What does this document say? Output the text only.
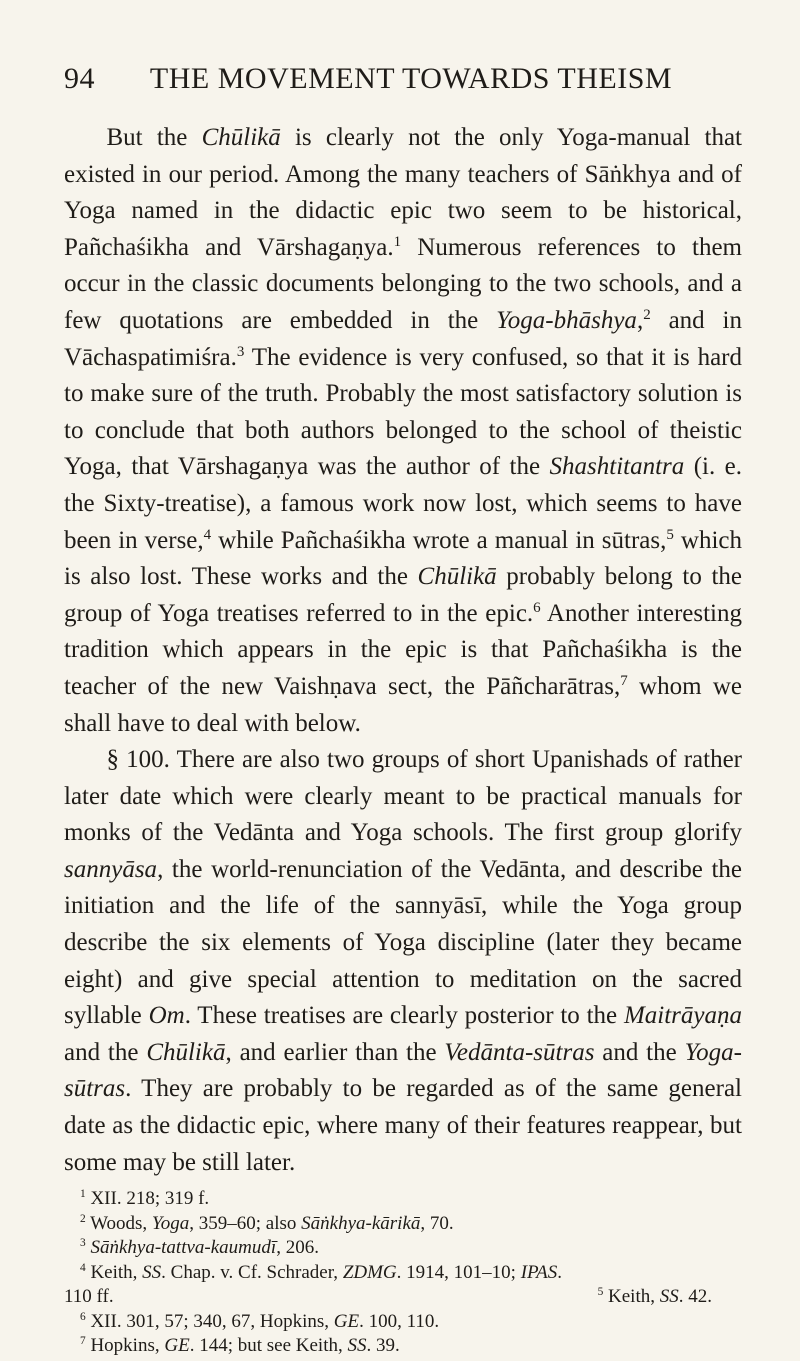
94	THE MOVEMENT TOWARDS THEISM

But the Chūlikā is clearly not the only Yoga-manual that existed in our period. Among the many teachers of Sāṅkhya and of Yoga named in the didactic epic two seem to be historical, Pañchaśikha and Vārshagaṇya.$^1$ Numerous references to them occur in the classic documents belonging to the two schools, and a few quotations are embedded in the Yoga-bhāshya,$^2$ and in Vāchaspatimiśra.$^3$ The evidence is very confused, so that it is hard to make sure of the truth. Probably the most satisfactory solution is to conclude that both authors belonged to the school of theistic Yoga, that Vārshagaṇya was the author of the Shashtitantra (i. e. the Sixty-treatise), a famous work now lost, which seems to have been in verse,$^4$ while Pañchaśikha wrote a manual in sūtras,$^5$ which is also lost. These works and the Chūlikā probably belong to the group of Yoga treatises referred to in the epic.$^6$ Another interesting tradition which appears in the epic is that Pañchaśikha is the teacher of the new Vaishṇava sect, the Pāñcharātras,$^7$ whom we shall have to deal with below.

§ 100. There are also two groups of short Upanishads of rather later date which were clearly meant to be practical manuals for monks of the Vedānta and Yoga schools. The first group glorify sannyāsa, the world-renunciation of the Vedānta, and describe the initiation and the life of the sannyāsī, while the Yoga group describe the six elements of Yoga discipline (later they became eight) and give special attention to meditation on the sacred syllable Om. These treatises are clearly posterior to the Maitrāyaṇa and the Chūlikā, and earlier than the Vedānta-sūtras and the Yoga-sūtras. They are probably to be regarded as of the same general date as the didactic epic, where many of their features reappear, but some may be still later.

$^1$ XII. 218; 319 f.
$^2$ Woods, Yoga, 359–60; also Sāṅkhya-kārikā, 70.
$^3$ Sāṅkhya-tattva-kaumudī, 206.
$^4$ Keith, SS. Chap. v. Cf. Schrader, ZDMG. 1914, 101–10; IPAS.
110 ff.	$^5$ Keith, SS. 42.
$^6$ XII. 301, 57; 340, 67, Hopkins, GE. 100, 110.
$^7$ Hopkins, GE. 144; but see Keith, SS. 39.
